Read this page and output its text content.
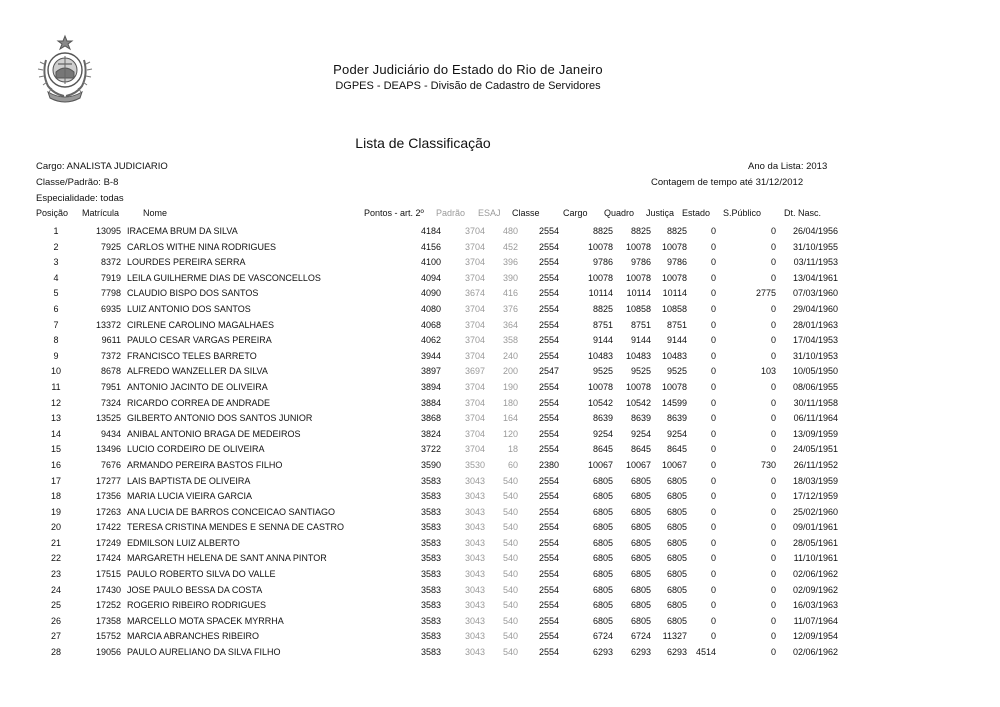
Poder Judiciário do Estado do Rio de Janeiro
DGPES - DEAPS - Divisão de Cadastro de Servidores
Lista de Classificação
Cargo: ANALISTA JUDICIARIO
Classe/Padrão: B-8
Especialidade: todas
Ano da Lista: 2013
Contagem de tempo até 31/12/2012
Posição Matrícula	Nome	Pontos - art. 2º Padrão ESAJ Classe	Cargo Quadro Justiça Estado S.Público	Dt. Nasc.
1	13095		IRACEMA BRUM DA SILVA	4184	3704	480	2554	8825	8825	8825	0	0	26/04/1956
2	7925		CARLOS WITHE NINA RODRIGUES	4156	3704	452	2554	10078	10078	10078	0	0	31/10/1955
3	8372		LOURDES PEREIRA SERRA	4100	3704	396	2554	9786	9786	9786	0	0	03/11/1953
4	7919		LEILA GUILHERME DIAS DE VASCONCELLOS	4094	3704	390	2554	10078	10078	10078	0	0	13/04/1961
5	7798		CLAUDIO BISPO DOS SANTOS	4090	3674	416	2554	10114	10114	10114	0	2775	07/03/1960
6	6935		LUIZ ANTONIO DOS SANTOS	4080	3704	376	2554	8825	10858	10858	0	0	29/04/1960
7	13372		CIRLENE CAROLINO MAGALHAES	4068	3704	364	2554	8751	8751	8751	0	0	28/01/1963
8	9611		PAULO CESAR VARGAS PEREIRA	4062	3704	358	2554	9144	9144	9144	0	0	17/04/1953
9	7372		FRANCISCO TELES BARRETO	3944	3704	240	2554	10483	10483	10483	0	0	31/10/1953
10	8678		ALFREDO WANZELLER DA SILVA	3897	3697	200	2547	9525	9525	9525	0	103	10/05/1950
11	7951		ANTONIO JACINTO DE OLIVEIRA	3894	3704	190	2554	10078	10078	10078	0	0	08/06/1955
12	7324		RICARDO CORREA DE ANDRADE	3884	3704	180	2554	10542	10542	14599	0	0	30/11/1958
13	13525		GILBERTO ANTONIO DOS SANTOS JUNIOR	3868	3704	164	2554	8639	8639	8639	0	0	06/11/1964
14	9434		ANIBAL ANTONIO BRAGA DE MEDEIROS	3824	3704	120	2554	9254	9254	9254	0	0	13/09/1959
15	13496		LUCIO CORDEIRO DE OLIVEIRA	3722	3704	18	2554	8645	8645	8645	0	0	24/05/1951
16	7676		ARMANDO PEREIRA BASTOS FILHO	3590	3530	60	2380	10067	10067	10067	0	730	26/11/1952
17	17277		LAIS BAPTISTA DE OLIVEIRA	3583	3043	540	2554	6805	6805	6805	0	0	18/03/1959
18	17356		MARIA LUCIA VIEIRA GARCIA	3583	3043	540	2554	6805	6805	6805	0	0	17/12/1959
19	17263		ANA LUCIA DE BARROS CONCEICAO SANTIAGO	3583	3043	540	2554	6805	6805	6805	0	0	25/02/1960
20	17422		TERESA CRISTINA MENDES E SENNA DE CASTRO	3583	3043	540	2554	6805	6805	6805	0	0	09/01/1961
21	17249		EDMILSON LUIZ ALBERTO	3583	3043	540	2554	6805	6805	6805	0	0	28/05/1961
22	17424		MARGARETH HELENA DE SANT ANNA PINTOR	3583	3043	540	2554	6805	6805	6805	0	0	11/10/1961
23	17515		PAULO ROBERTO SILVA DO VALLE	3583	3043	540	2554	6805	6805	6805	0	0	02/06/1962
24	17430		JOSE PAULO BESSA DA COSTA	3583	3043	540	2554	6805	6805	6805	0	0	02/09/1962
25	17252		ROGERIO RIBEIRO RODRIGUES	3583	3043	540	2554	6805	6805	6805	0	0	16/03/1963
26	17358		MARCELLO MOTA SPACEK MYRRHA	3583	3043	540	2554	6805	6805	6805	0	0	11/07/1964
27	15752		MARCIA ABRANCHES RIBEIRO	3583	3043	540	2554	6724	6724	11327	0	0	12/09/1954
28	19056		PAULO AURELIANO DA SILVA FILHO	3583	3043	540	2554	6293	6293	6293	4514	0	02/06/1962
